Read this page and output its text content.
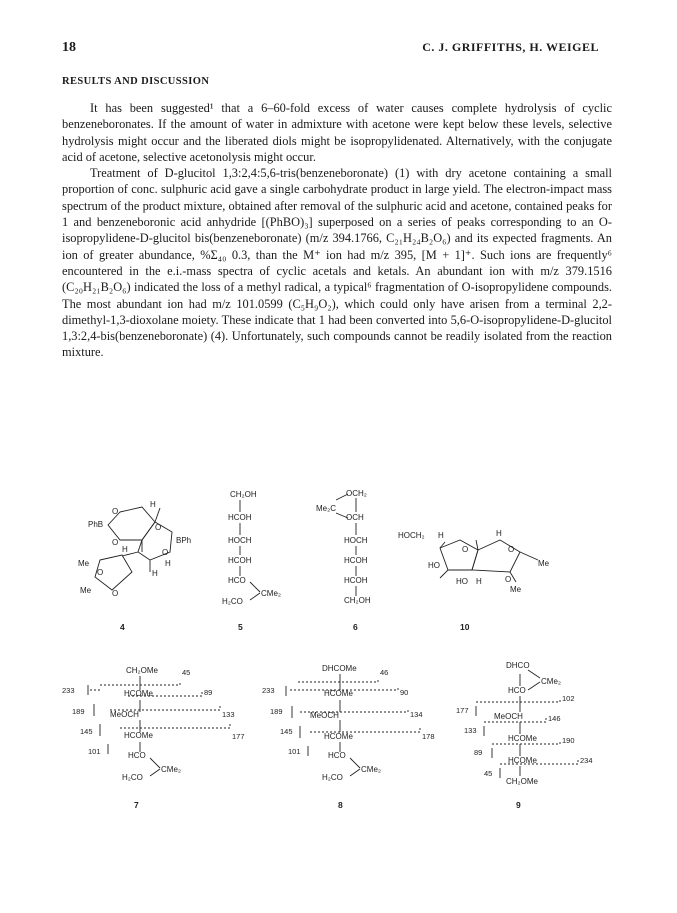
18	C. J. GRIFFITHS, H. WEIGEL
RESULTS AND DISCUSSION

It has been suggested¹ that a 6–60-fold excess of water causes complete hydrolysis of cyclic benzeneboronates. If the amount of water in admixture with acetone were kept below these levels, selective hydrolysis might occur and the liberated diols might be isopropylidenated. Alternatively, with the conjugate acid of acetone, selective acetonolysis might occur.

Treatment of D-glucitol 1,3:2,4:5,6-tris(benzeneboronate) (1) with dry acetone containing a small proportion of conc. sulphuric acid gave a single carbohydrate product in large yield. The electron-impact mass spectrum of the product mixture, obtained after removal of the sulphuric acid and acetone, contained peaks for 1 and benzeneboronic acid anhydride [(PhBO)₃] superposed on a series of peaks corresponding to an O-isopropylidene-D-glucitol bis(benzeneboronate) (m/z 394.1766, C₂₁H₂₄B₂O₆) and its expected fragments. An ion of greater abundance, %Σ₄₀ 0.3, than the M⁺ ion had m/z 395, [M + 1]⁺. Such ions are frequently⁶ encountered in the e.i.-mass spectra of cyclic acetals and ketals. An abundant ion with m/z 379.1516 (C₂₀H₂₁B₂O₆) indicated the loss of a methyl radical, a typical⁶ fragmentation of O-isopropylidene compounds. The most abundant ion had m/z 101.0599 (C₅H₉O₂), which could only have arisen from a terminal 2,2-dimethyl-1,3-dioxolane moiety. These indicate that 1 had been converted into 5,6-O-isopropylidene-D-glucitol 1,3:2,4-bis(benzeneboronate) (4). Unfortunately, such compounds cannot be readily isolated from the reaction mixture.

H
O
O
PhB
BPh
O
O
H
H
H
Me
Me
O
O
4
CH₂OH
HCOH
HOCH
HCOH
HCO
H₂CO
CMe₂
5
OCH₂
Me₂C
OCH
HOCH
HCOH
HCOH
CH₂OH
6
HOCH₂ H	H
O
HO
O
O
Me
HO H
Me
10
CH₂OMe
HCOMe
MeOCH
HCOMe
HCO
H₂CO
CMe₂
45
89
133
177
233
189
145
101
7
DHCOMe
HCOMe
MeOCH
HCOMe
HCO
H₂CO
CMe₂
46
90
134
178
233
189
145
101
8
DHCO
HCO
CMe₂
MeOCH
HCOMe
HCOMe
CH₂OMe
102
146
190
234
177
133
89
45
9
